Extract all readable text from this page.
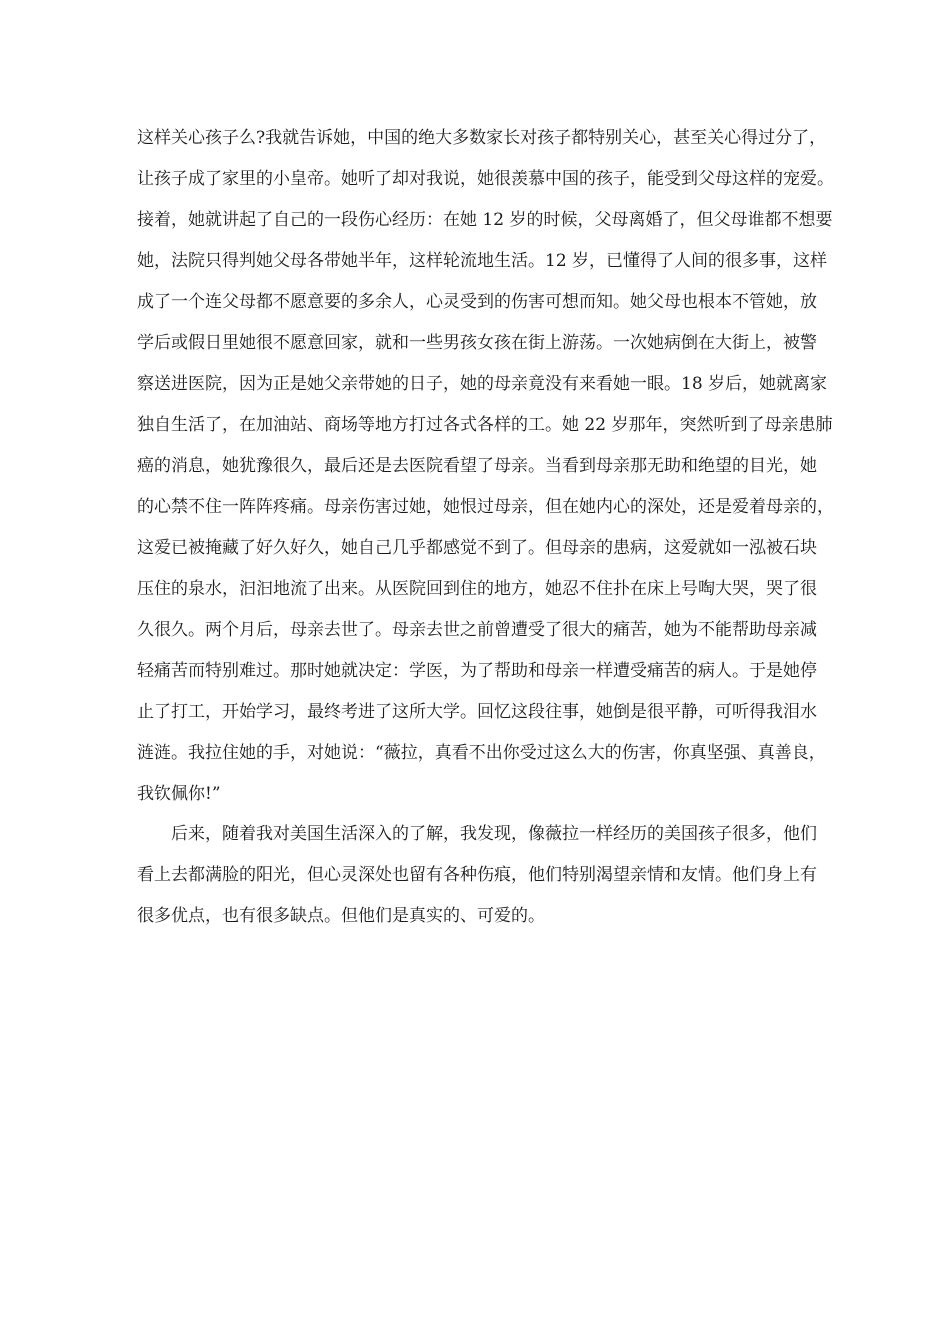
这样关心孩子么?我就告诉她，中国的绝大多数家长对孩子都特别关心，甚至关心得过分了，
让孩子成了家里的小皇帝。她听了却对我说，她很羡慕中国的孩子，能受到父母这样的宠爱。
接着，她就讲起了自己的一段伤心经历：在她 12 岁的时候，父母离婚了，但父母谁都不想要
她，法院只得判她父母各带她半年，这样轮流地生活。12 岁，已懂得了人间的很多事，这样
成了一个连父母都不愿意要的多余人，心灵受到的伤害可想而知。她父母也根本不管她，放
学后或假日里她很不愿意回家，就和一些男孩女孩在街上游荡。一次她病倒在大街上，被警
察送进医院，因为正是她父亲带她的日子，她的母亲竟没有来看她一眼。18 岁后，她就离家
独自生活了，在加油站、商场等地方打过各式各样的工。她 22 岁那年，突然听到了母亲患肺
癌的消息，她犹豫很久，最后还是去医院看望了母亲。当看到母亲那无助和绝望的目光，她
的心禁不住一阵阵疼痛。母亲伤害过她，她恨过母亲，但在她内心的深处，还是爱着母亲的，
这爱已被掩藏了好久好久，她自己几乎都感觉不到了。但母亲的患病，这爱就如一泓被石块
压住的泉水，汩汩地流了出来。从医院回到住的地方，她忍不住扑在床上号啕大哭，哭了很
久很久。两个月后，母亲去世了。母亲去世之前曾遭受了很大的痛苦，她为不能帮助母亲减
轻痛苦而特别难过。那时她就决定：学医，为了帮助和母亲一样遭受痛苦的病人。于是她停
止了打工，开始学习，最终考进了这所大学。回忆这段往事，她倒是很平静，可听得我泪水
涟涟。我拉住她的手，对她说：“薇拉，真看不出你受过这么大的伤害，你真坚强、真善良，
我钦佩你!”
后来，随着我对美国生活深入的了解，我发现，像薇拉一样经历的美国孩子很多，他们
看上去都满脸的阳光，但心灵深处也留有各种伤痕，他们特别渴望亲情和友情。他们身上有
很多优点，也有很多缺点。但他们是真实的、可爱的。
